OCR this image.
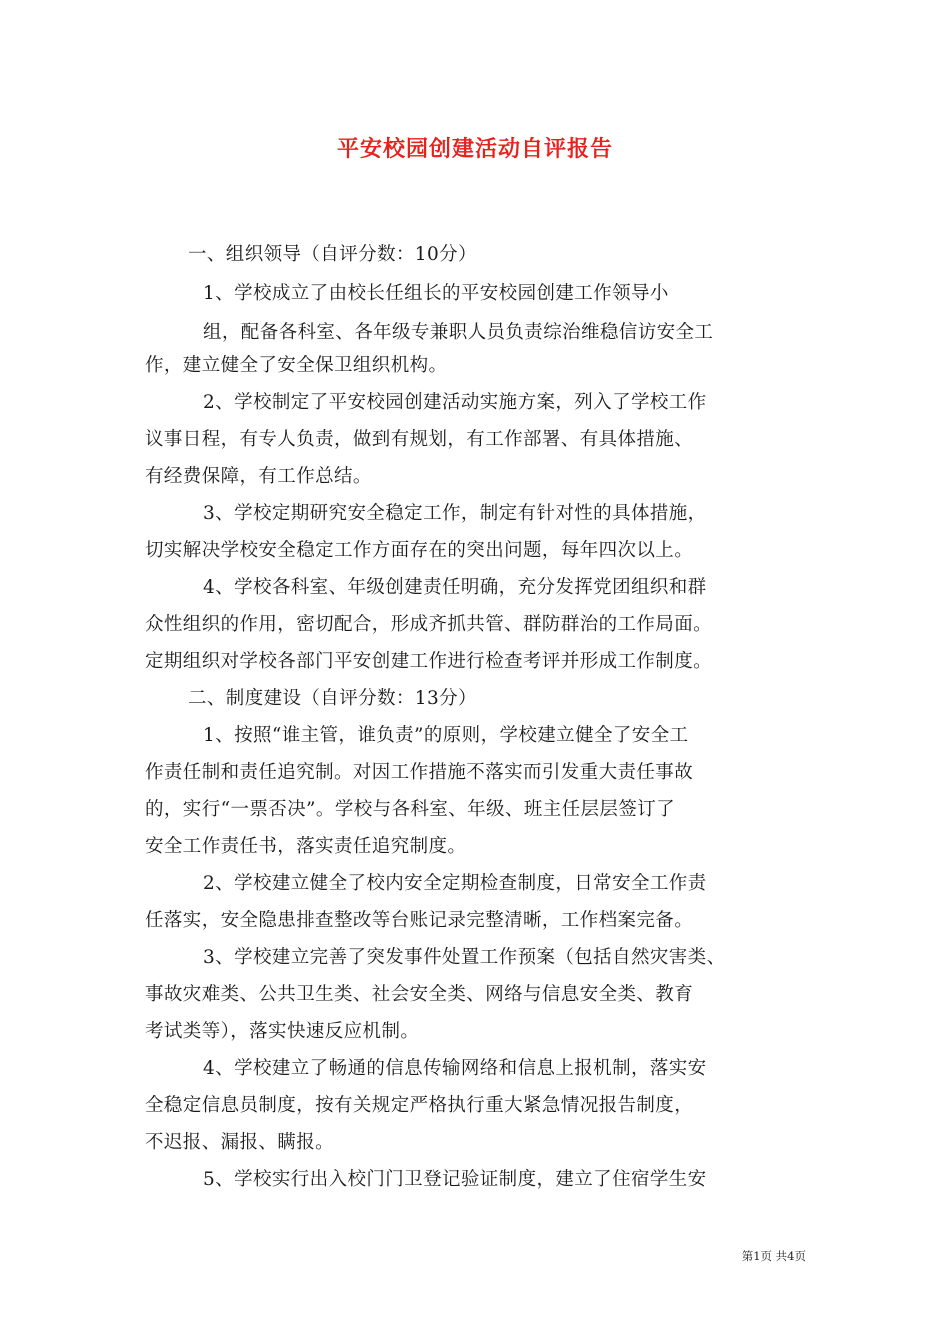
平安校园创建活动自评报告
一、组织领导（自评分数：10分）
1、学校成立了由校长任组长的平安校园创建工作领导小
组，配备各科室、各年级专兼职人员负责综治维稳信访安全工
作，建立健全了安全保卫组织机构。
2、学校制定了平安校园创建活动实施方案，列入了学校工作
议事日程，有专人负责，做到有规划，有工作部署、有具体措施、
有经费保障，有工作总结。
3、学校定期研究安全稳定工作，制定有针对性的具体措施，
切实解决学校安全稳定工作方面存在的突出问题，每年四次以上。
4、学校各科室、年级创建责任明确，充分发挥党团组织和群
众性组织的作用，密切配合，形成齐抓共管、群防群治的工作局面。
定期组织对学校各部门平安创建工作进行检查考评并形成工作制度。
二、制度建设（自评分数：13分）
1、按照“谁主管，谁负责”的原则，学校建立健全了安全工
作责任制和责任追究制。对因工作措施不落实而引发重大责任事故
的，实行“一票否决”。学校与各科室、年级、班主任层层签订了
安全工作责任书，落实责任追究制度。
2、学校建立健全了校内安全定期检查制度，日常安全工作责
任落实，安全隐患排查整改等台账记录完整清晰，工作档案完备。
3、学校建立完善了突发事件处置工作预案（包括自然灾害类、
事故灾难类、公共卫生类、社会安全类、网络与信息安全类、教育
考试类等），落实快速反应机制。
4、学校建立了畅通的信息传输网络和信息上报机制，落实安
全稳定信息员制度，按有关规定严格执行重大紧急情况报告制度，
不迟报、漏报、瞒报。
5、学校实行出入校门门卫登记验证制度，建立了住宿学生安
第1页 共4页
